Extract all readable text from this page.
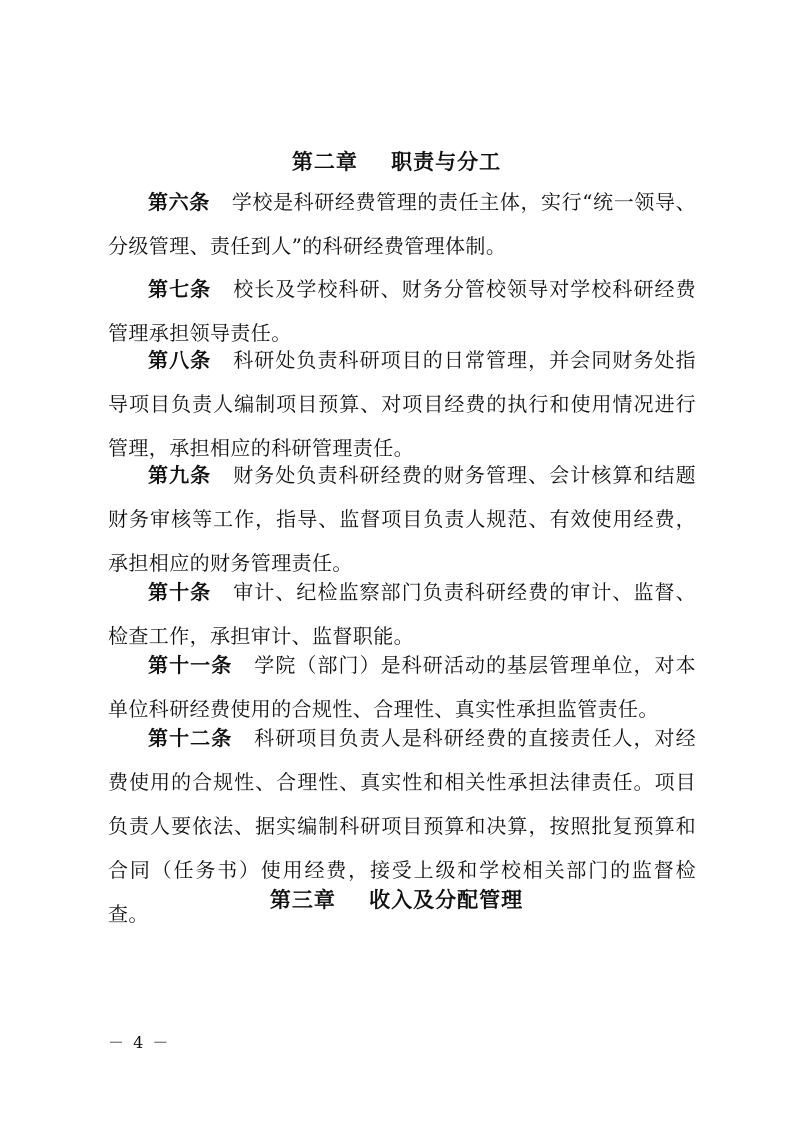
第二章    职责与分工
第六条 学校是科研经费管理的责任主体，实行“统一领导、分级管理、责任到人”的科研经费管理体制。
第七条 校长及学校科研、财务分管校领导对学校科研经费管理承担领导责任。
第八条 科研处负责科研项目的日常管理，并会同财务处指导项目负责人编制项目预算、对项目经费的执行和使用情况进行管理，承担相应的科研管理责任。
第九条 财务处负责科研经费的财务管理、会计核算和结题财务审核等工作，指导、监督项目负责人规范、有效使用经费，承担相应的财务管理责任。
第十条 审计、纪检监察部门负责科研经费的审计、监督、检查工作，承担审计、监督职能。
第十一条 学院（部门）是科研活动的基层管理单位，对本单位科研经费使用的合规性、合理性、真实性承担监管责任。
第十二条 科研项目负责人是科研经费的直接责任人，对经费使用的合规性、合理性、真实性和相关性承担法律责任。项目负责人要依法、据实编制科研项目预算和决算，按照批复预算和合同（任务书）使用经费，接受上级和学校相关部门的监督检查。
第三章    收入及分配管理
－ 4 －
